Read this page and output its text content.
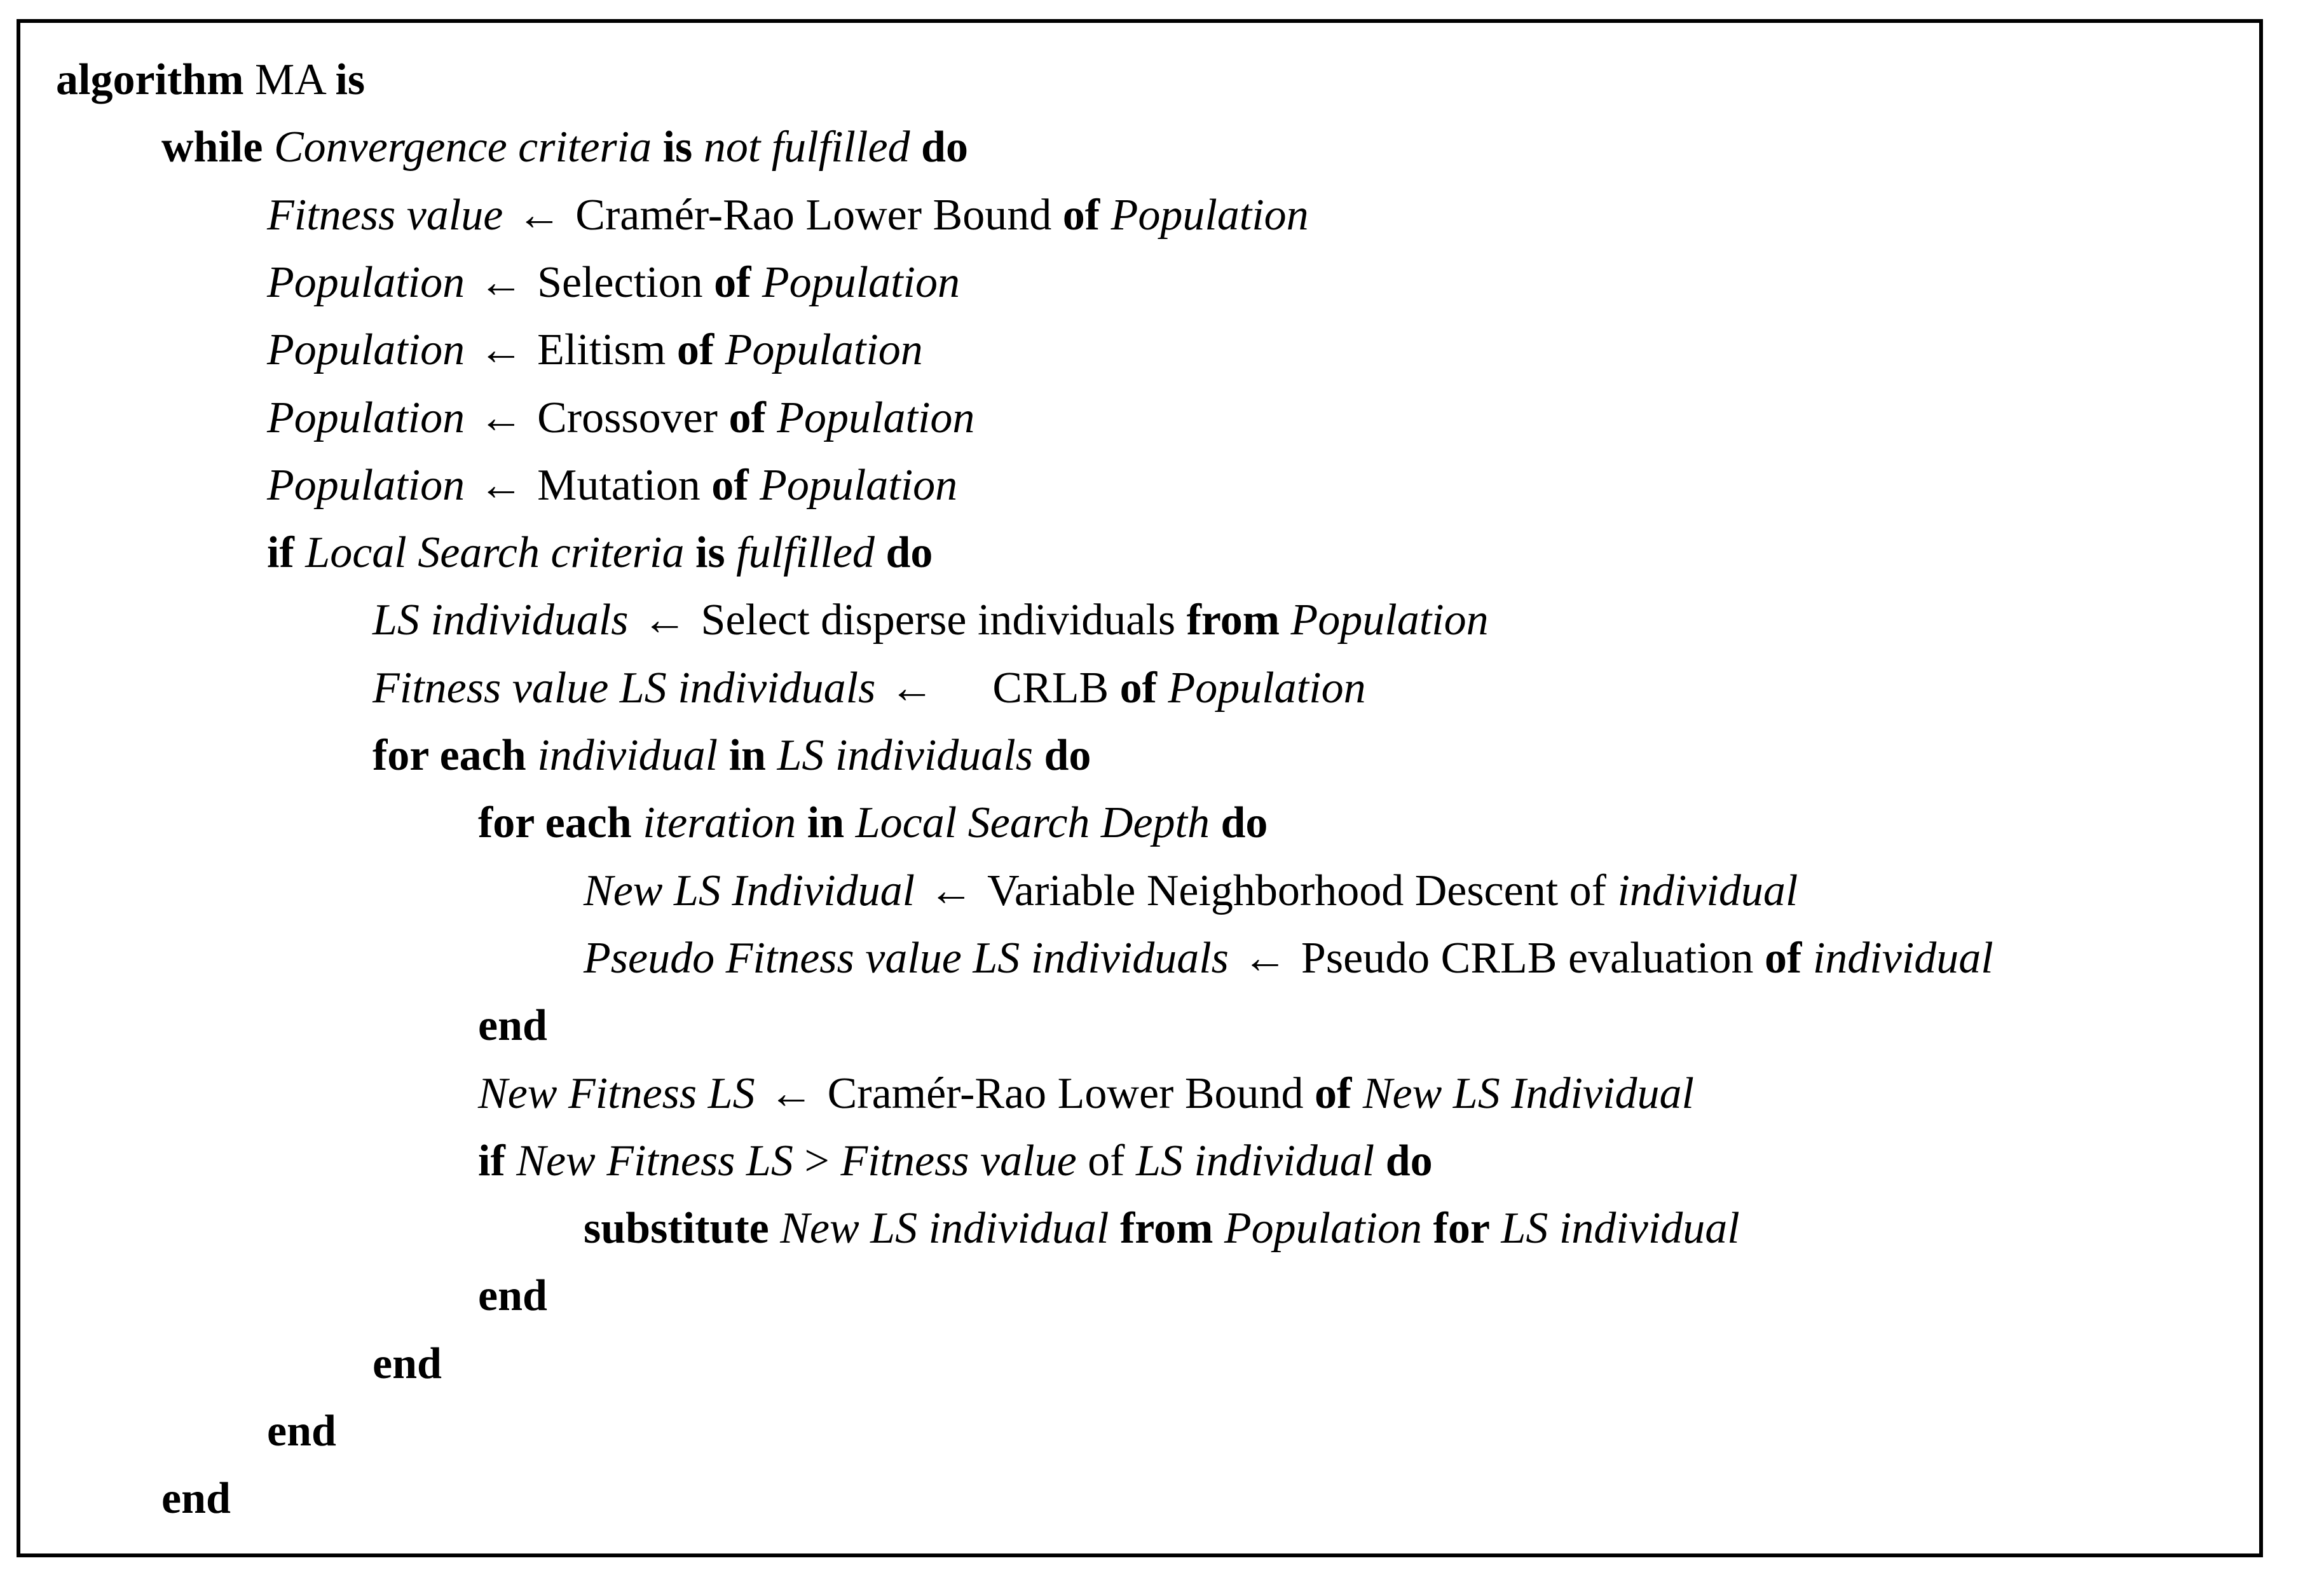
algorithm MA is
while Convergence criteria is not fulfilled do
Fitness value ← Cramér-Rao Lower Bound of Population
Population ← Selection of Population
Population ← Elitism of Population
Population ← Crossover of Population
Population ← Mutation of Population
if Local Search criteria is fulfilled do
LS individuals ← Select disperse individuals from Population
Fitness value LS individuals ←    CRLB of Population
for each individual in LS individuals do
for each iteration in Local Search Depth do
New LS Individual ← Variable Neighborhood Descent of individual
Pseudo Fitness value LS individuals ← Pseudo CRLB evaluation of individual
end
New Fitness LS ← Cramér-Rao Lower Bound of New LS Individual
if New Fitness LS > Fitness value of LS individual do
substitute New LS individual from Population for LS individual
end
end
end
end
